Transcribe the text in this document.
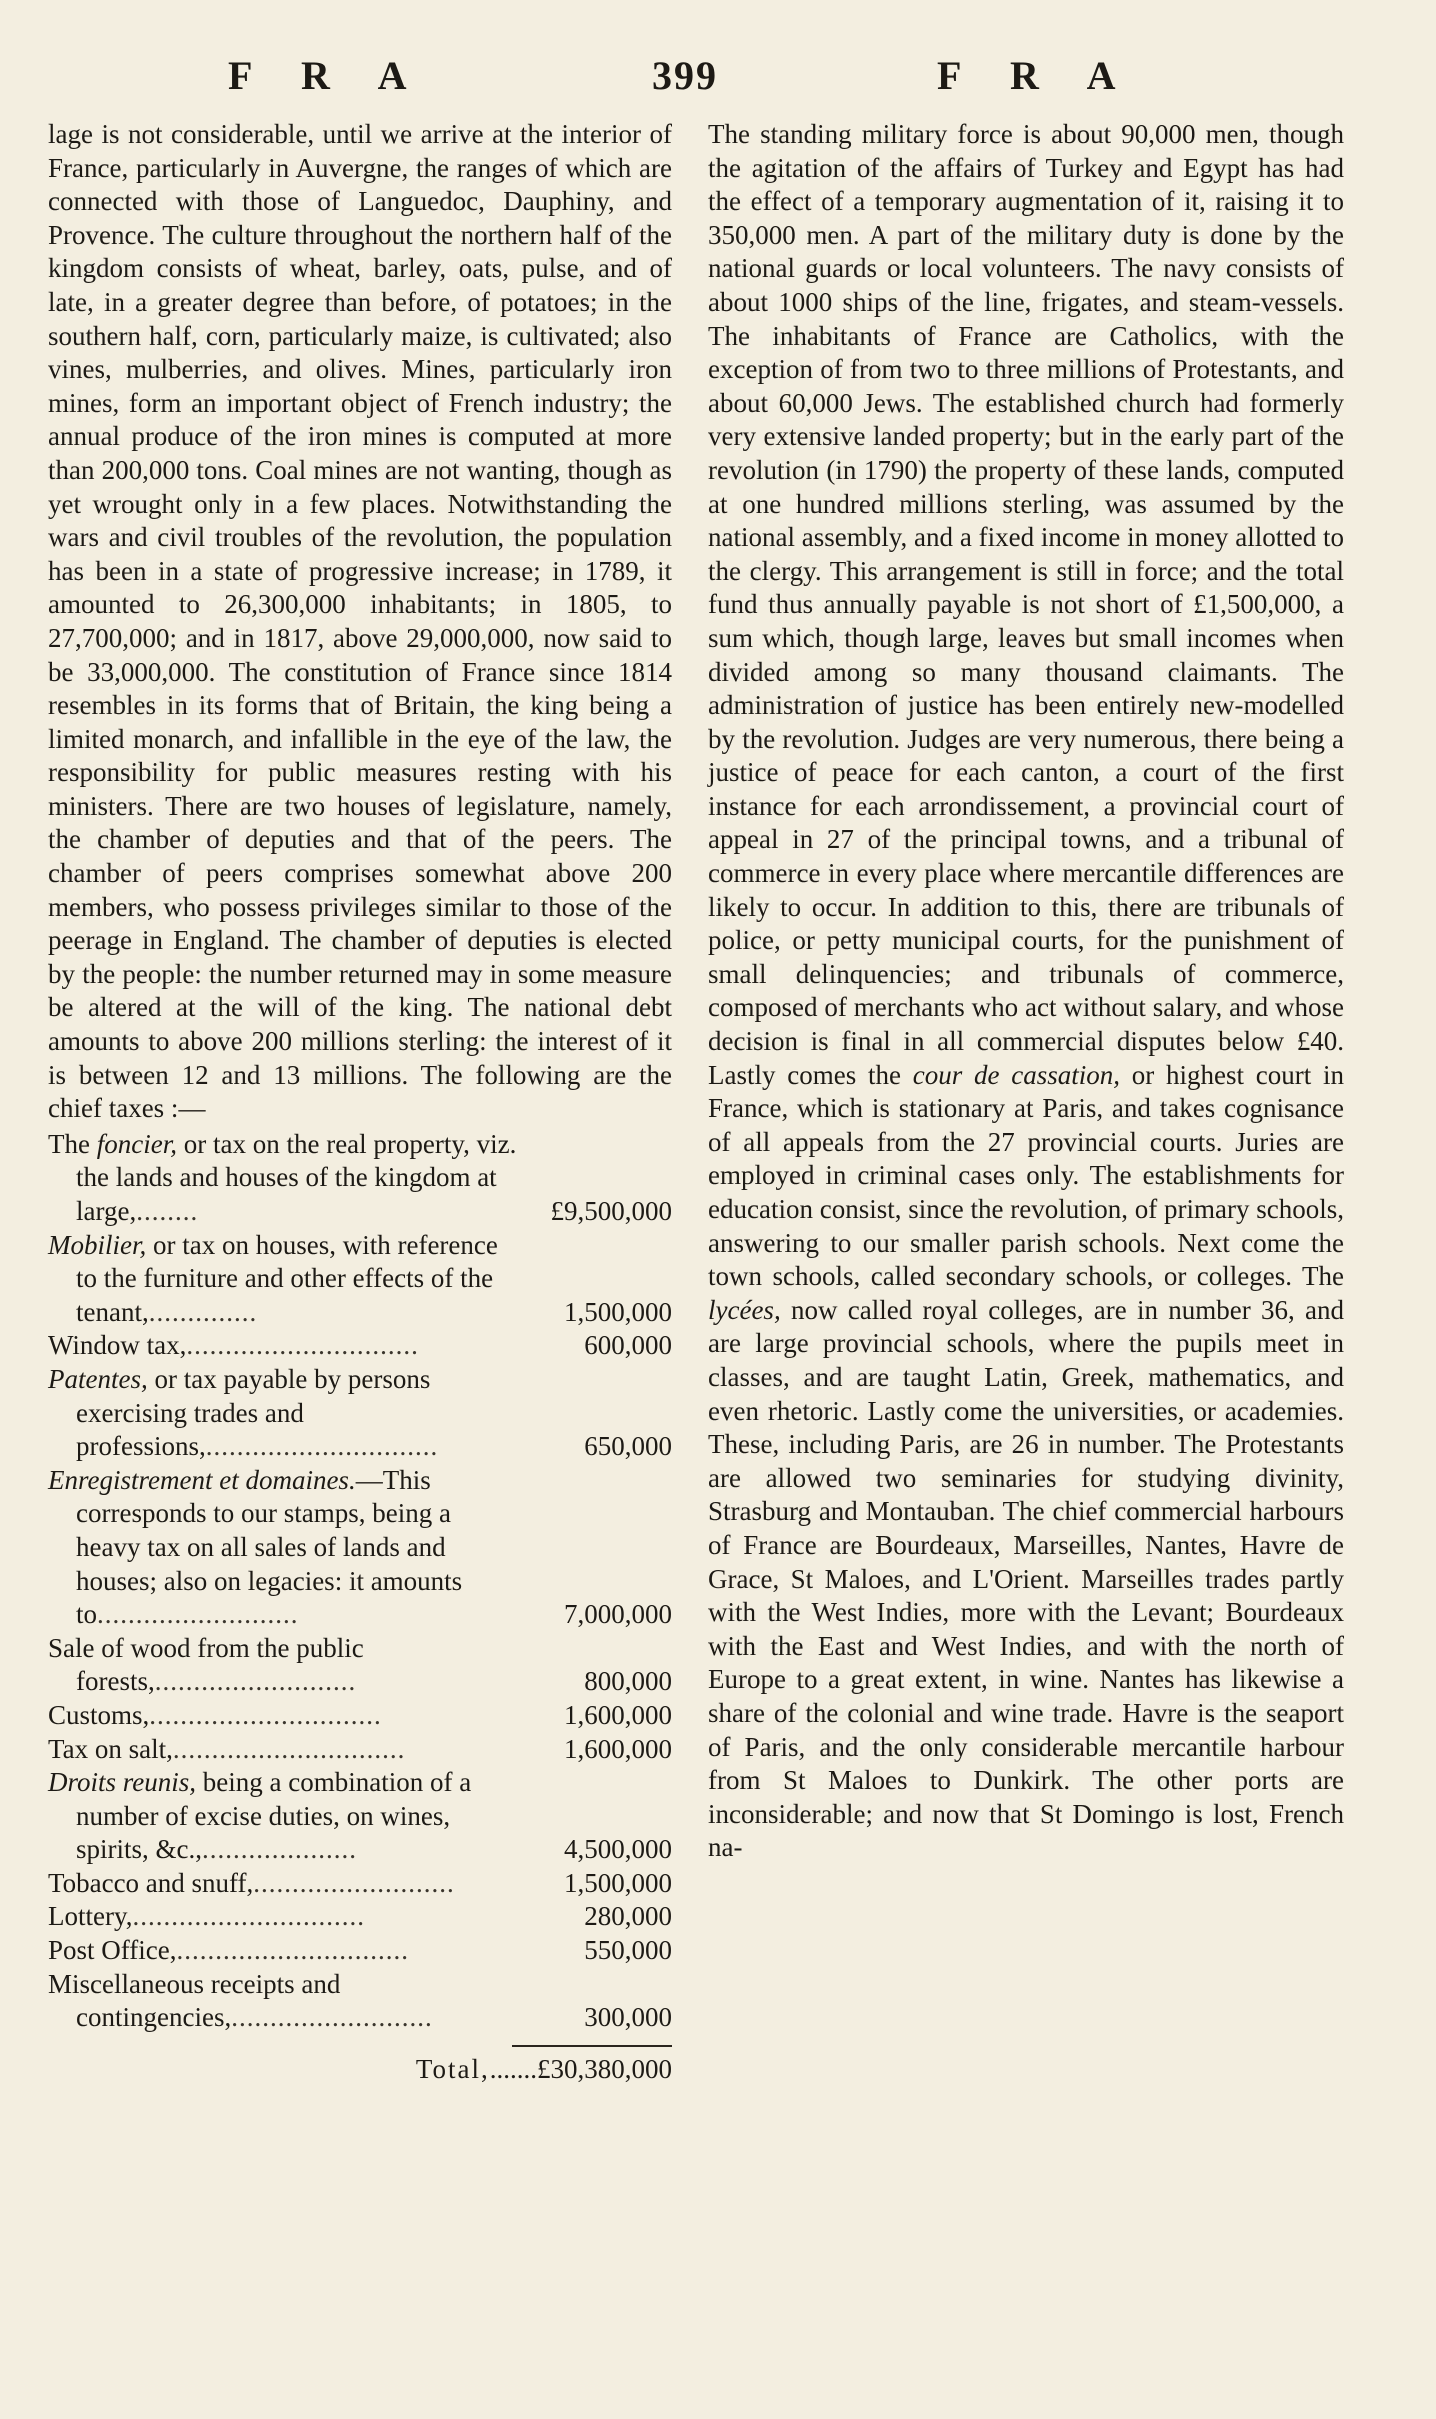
F R A	399	F R A

lage is not considerable, until we arrive at the interior of France, particularly in Auvergne, the ranges of which are connected with those of Languedoc, Dauphiny, and Provence. The culture throughout the northern half of the kingdom consists of wheat, barley, oats, pulse, and of late, in a greater degree than before, of potatoes; in the southern half, corn, particularly maize, is cultivated; also vines, mulberries, and olives. Mines, particularly iron mines, form an important object of French industry; the annual produce of the iron mines is computed at more than 200,000 tons. Coal mines are not wanting, though as yet wrought only in a few places. Notwithstanding the wars and civil troubles of the revolution, the population has been in a state of progressive increase; in 1789, it amounted to 26,300,000 inhabitants; in 1805, to 27,700,000; and in 1817, above 29,000,000, now said to be 33,000,000. The constitution of France since 1814 resembles in its forms that of Britain, the king being a limited monarch, and infallible in the eye of the law, the responsibility for public measures resting with his ministers. There are two houses of legislature, namely, the chamber of deputies and that of the peers. The chamber of peers comprises somewhat above 200 members, who possess privileges similar to those of the peerage in England. The chamber of deputies is elected by the people: the number returned may in some measure be altered at the will of the king. The national debt amounts to above 200 millions sterling: the interest of it is between 12 and 13 millions. The following are the chief taxes :—

The foncier, or tax on the real property, viz. the lands and houses of the kingdom at large,........	£9,500,000
Mobilier, or tax on houses, with reference to the furniture and other effects of the tenant,..............	1,500,000
Window tax,..............................	600,000
Patentes, or tax payable by persons exercising trades and professions,..............................	650,000
Enregistrement et domaines.—This corresponds to our stamps, being a heavy tax on all sales of lands and houses; also on legacies: it amounts to..........................	7,000,000
Sale of wood from the public forests,..........................	800,000
Customs,..............................	1,600,000
Tax on salt,..............................	1,600,000
Droits reunis, being a combination of a number of excise duties, on wines, spirits, &c.,....................	4,500,000
Tobacco and snuff,..........................	1,500,000
Lottery,..............................	280,000
Post Office,..............................	550,000
Miscellaneous receipts and contingencies,..........................	300,000
Total,.......£30,380,000

The standing military force is about 90,000 men, though the agitation of the affairs of Turkey and Egypt has had the effect of a temporary augmentation of it, raising it to 350,000 men. A part of the military duty is done by the national guards or local volunteers. The navy consists of about 1000 ships of the line, frigates, and steam-vessels. The inhabitants of France are Catholics, with the exception of from two to three millions of Protestants, and about 60,000 Jews. The established church had formerly very extensive landed property; but in the early part of the revolution (in 1790) the property of these lands, computed at one hundred millions sterling, was assumed by the national assembly, and a fixed income in money allotted to the clergy. This arrangement is still in force; and the total fund thus annually payable is not short of £1,500,000, a sum which, though large, leaves but small incomes when divided among so many thousand claimants. The administration of justice has been entirely new-modelled by the revolution. Judges are very numerous, there being a justice of peace for each canton, a court of the first instance for each arrondissement, a provincial court of appeal in 27 of the principal towns, and a tribunal of commerce in every place where mercantile differences are likely to occur. In addition to this, there are tribunals of police, or petty municipal courts, for the punishment of small delinquencies; and tribunals of commerce, composed of merchants who act without salary, and whose decision is final in all commercial disputes below £40. Lastly comes the cour de cassation, or highest court in France, which is stationary at Paris, and takes cognisance of all appeals from the 27 provincial courts. Juries are employed in criminal cases only. The establishments for education consist, since the revolution, of primary schools, answering to our smaller parish schools. Next come the town schools, called secondary schools, or colleges. The lycées, now called royal colleges, are in number 36, and are large provincial schools, where the pupils meet in classes, and are taught Latin, Greek, mathematics, and even rhetoric. Lastly come the universities, or academies. These, including Paris, are 26 in number. The Protestants are allowed two seminaries for studying divinity, Strasburg and Montauban. The chief commercial harbours of France are Bourdeaux, Marseilles, Nantes, Havre de Grace, St Maloes, and L'Orient. Marseilles trades partly with the West Indies, more with the Levant; Bourdeaux with the East and West Indies, and with the north of Europe to a great extent, in wine. Nantes has likewise a share of the colonial and wine trade. Havre is the seaport of Paris, and the only considerable mercantile harbour from St Maloes to Dunkirk. The other ports are inconsiderable; and now that St Domingo is lost, French na-
